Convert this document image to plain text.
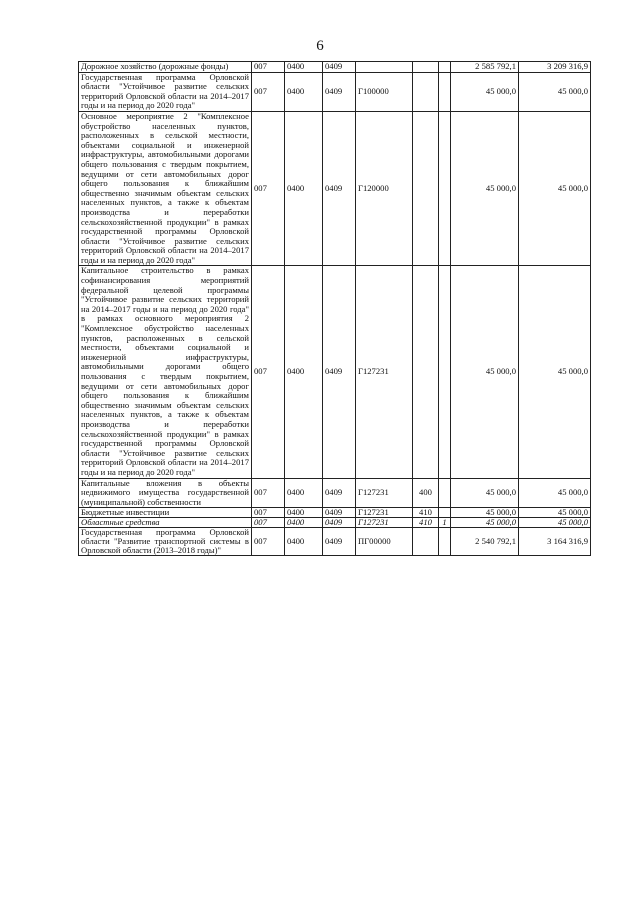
6
Дорожное хозяйство (дорожные фонды)	007	0400	0409				2 585 792,1	3 209 316,9
Государственная программа Орловской области "Устойчивое развитие сельских территорий Орловской области на 2014–2017 годы и на период до 2020 года"	007	0400	0409	Г100000			45 000,0	45 000,0
Основное мероприятие 2 "Комплексное обустройство населенных пунктов, расположенных в сельской местности, объектами социальной и инженерной инфраструктуры, автомобильными дорогами общего пользования с твердым покрытием, ведущими от сети автомобильных дорог общего пользования к ближайшим общественно значимым объектам сельских населенных пунктов, а также к объектам производства и переработки сельскохозяйственной продукции" в рамках государственной программы Орловской области "Устойчивое развитие сельских территорий Орловской области на 2014–2017 годы и на период до 2020 года"	007	0400	0409	Г120000			45 000,0	45 000,0
Капитальное строительство в рамках софинансирования мероприятий федеральной целевой программы "Устойчивое развитие сельских территорий на 2014–2017 годы и на период до 2020 года" в рамках основного мероприятия 2 "Комплексное обустройство населенных пунктов, расположенных в сельской местности, объектами социальной и инженерной инфраструктуры, автомобильными дорогами общего пользования с твердым покрытием, ведущими от сети автомобильных дорог общего пользования к ближайшим общественно значимым объектам сельских населенных пунктов, а также к объектам производства и переработки сельскохозяйственной продукции" в рамках государственной программы Орловской области "Устойчивое развитие сельских территорий Орловской области на 2014–2017 годы и на период до 2020 года"	007	0400	0409	Г127231			45 000,0	45 000,0
Капитальные вложения в объекты недвижимого имущества государственной (муниципальной) собственности	007	0400	0409	Г127231	400		45 000,0	45 000,0
Бюджетные инвестиции	007	0400	0409	Г127231	410		45 000,0	45 000,0
Областные средства	007	0400	0409	Г127231	410	1	45 000,0	45 000,0
Государственная программа Орловской области "Развитие транспортной системы в Орловской области (2013–2018 годы)"	007	0400	0409	ПГ00000			2 540 792,1	3 164 316,9
